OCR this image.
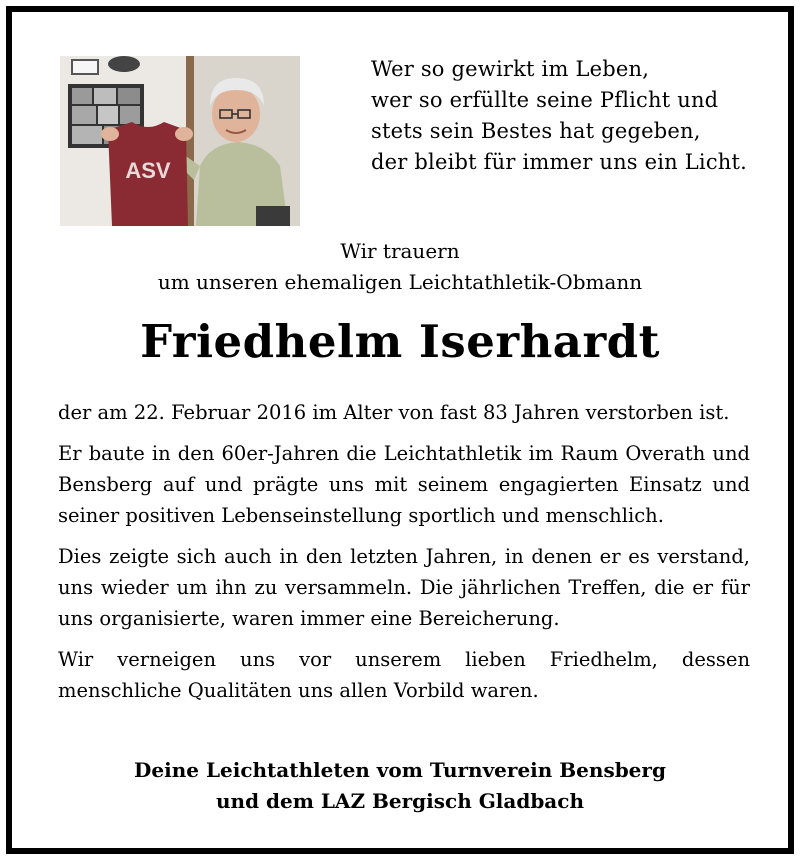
ASV
Wer so gewirkt im Leben,
wer so erfüllte seine Pflicht und
stets sein Bestes hat gegeben,
der bleibt für immer uns ein Licht.
Wir trauern
um unseren ehemaligen Leichtathletik-Obmann
Friedhelm Iserhardt

der am 22. Februar 2016 im Alter von fast 83 Jahren verstorben ist.

Er baute in den 60er-Jahren die Leichtathletik im Raum Overath und Bensberg auf und prägte uns mit seinem engagierten Einsatz und seiner positiven Lebenseinstellung sportlich und menschlich.

Dies zeigte sich auch in den letzten Jahren, in denen er es verstand, uns wieder um ihn zu versammeln. Die jährlichen Treffen, die er für uns organisierte, waren immer eine Bereicherung.

Wir verneigen uns vor unserem lieben Friedhelm, dessen menschliche Qualitäten uns allen Vorbild waren.

Deine Leichtathleten vom Turnverein Bensberg
und dem LAZ Bergisch Gladbach
